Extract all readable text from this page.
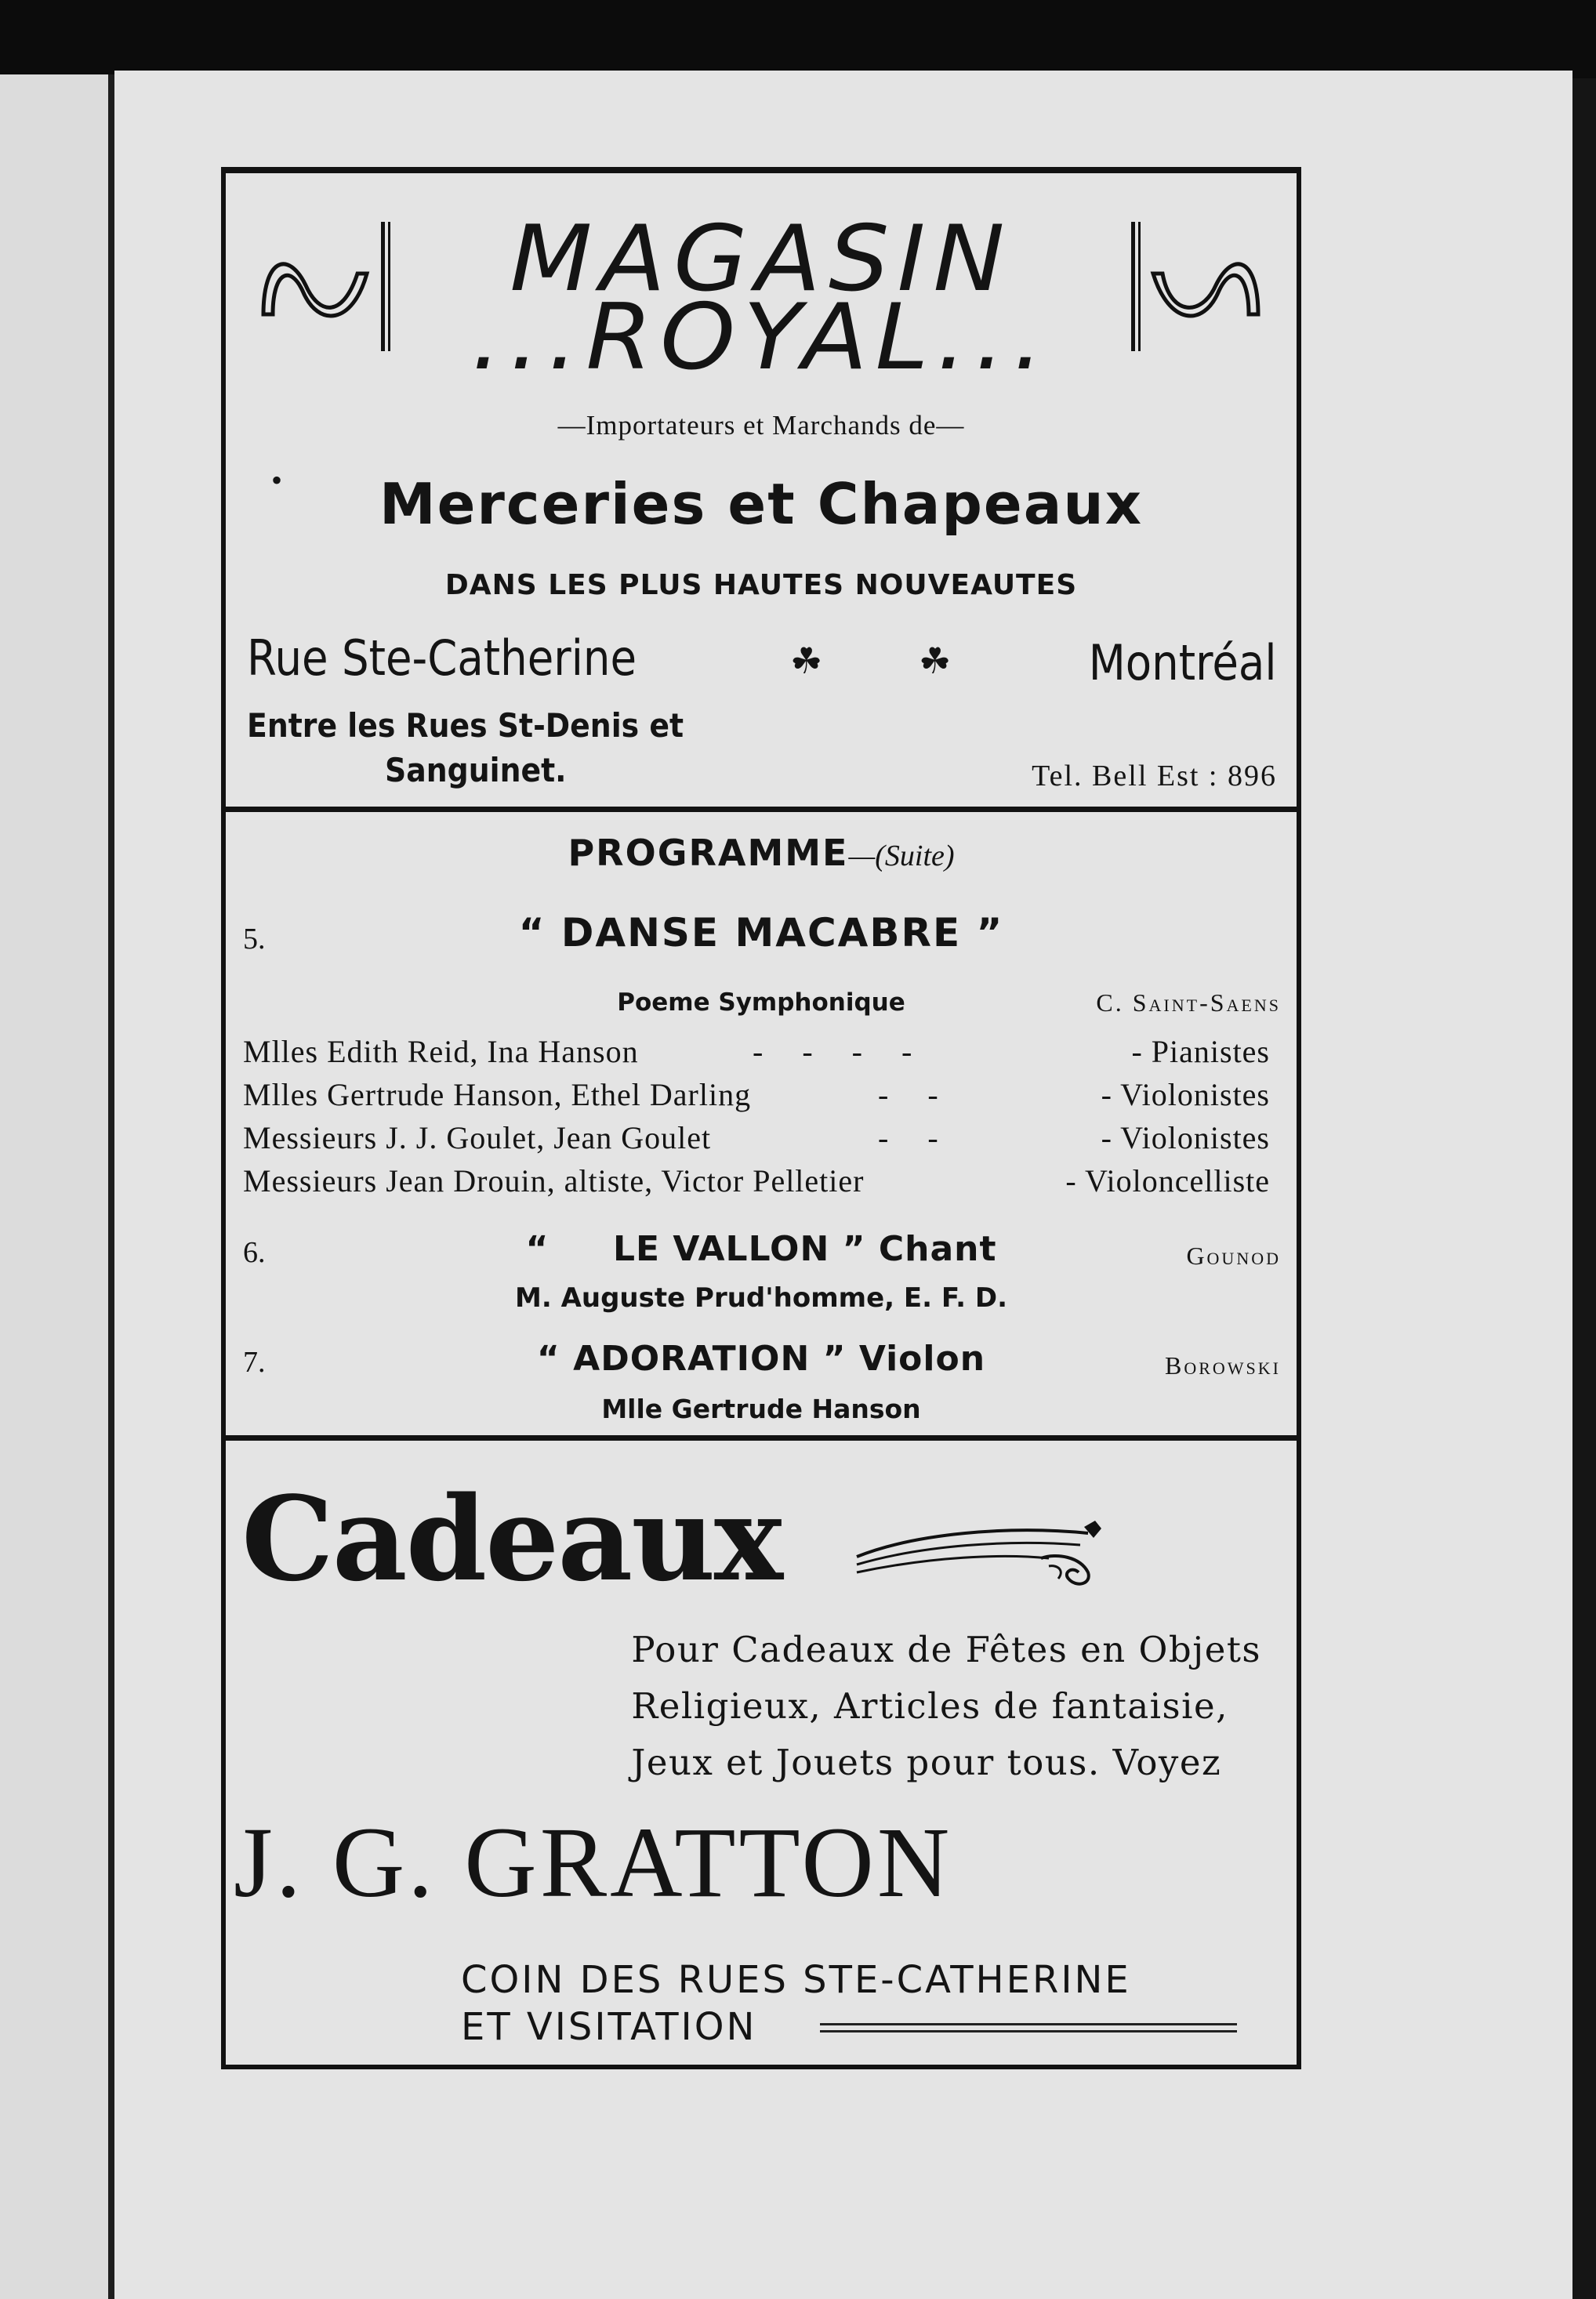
MAGASIN
...ROYAL...
—Importateurs et Marchands de—
•	Merceries et Chapeaux
DANS LES PLUS HAUTES NOUVEAUTES
Rue Ste-Catherine	☘	☘	Montréal
Entre les Rues St-Denis et
Sanguinet.	Tel. Bell Est : 896
PROGRAMME—(Suite)
5.	“ DANSE MACABRE ”
Poeme Symphonique	C. Saint-Saens
Mlles Edith Reid, Ina Hanson	-     -     -     -	- Pianistes
Mlles Gertrude Hanson, Ethel Darling	-     -	- Violonistes
Messieurs J. J. Goulet, Jean Goulet	-     -	- Violonistes
Messieurs Jean Drouin, altiste, Victor Pelletier	- Violoncelliste
6.	“     LE VALLON ” Chant	Gounod
M. Auguste Prud'homme, E. F. D.
7.	“ ADORATION ” Violon	Borowski
Mlle Gertrude Hanson
Cadeaux
Pour Cadeaux de Fêtes en Objets
Religieux, Articles de fantaisie,
Jeux et Jouets pour tous. Voyez
J. G. GRATTON
COIN DES RUES STE-CATHERINE
ET VISITATION
